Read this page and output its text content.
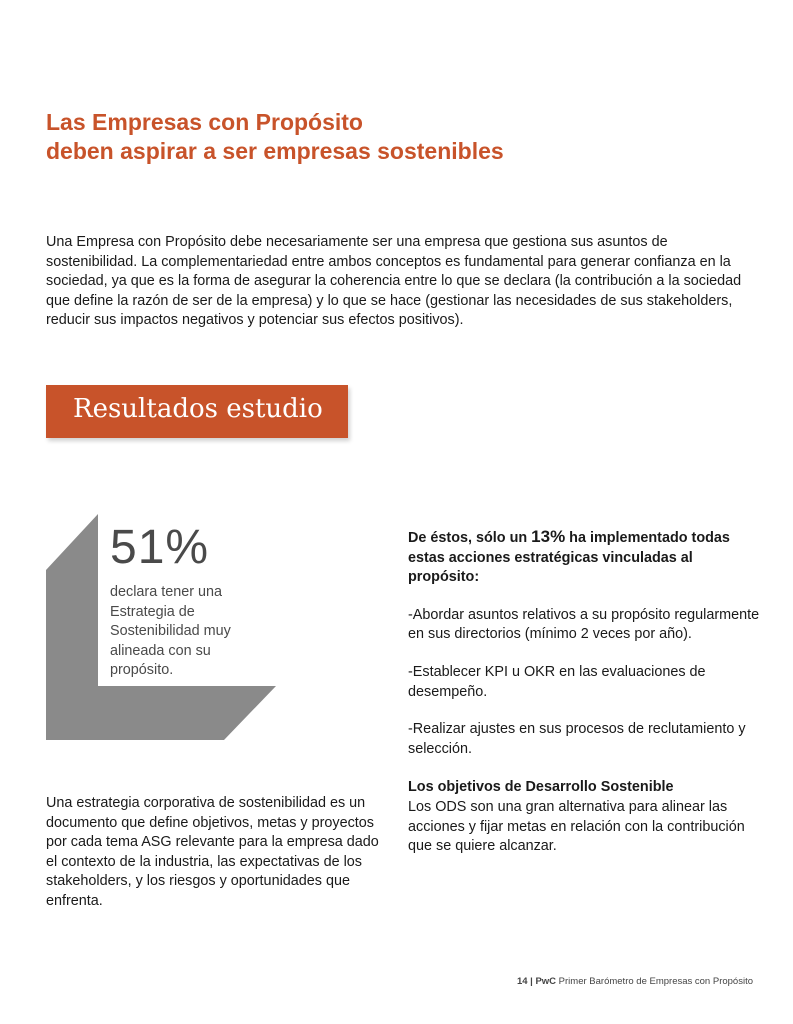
Las Empresas con Propósito
deben aspirar a ser empresas sostenibles

Una Empresa con Propósito debe necesariamente ser una empresa que gestiona sus asuntos de sostenibilidad. La complementariedad entre ambos conceptos es fundamental para generar confianza en la sociedad, ya que es la forma de asegurar la coherencia entre lo que se declara (la contribución a la sociedad que define la razón de ser de la empresa) y lo que se hace (gestionar las necesidades de sus stakeholders, reducir sus impactos negativos y potenciar sus efectos positivos).

Resultados estudio
51%

declara tener una Estrategia de Sostenibilidad muy alineada con su propósito.

Una estrategia corporativa de sostenibilidad es un documento que define objetivos, metas y proyectos por cada tema ASG relevante para la empresa dado el contexto de la industria, las expectativas de los stakeholders, y los riesgos y oportunidades que enfrenta.

De éstos, sólo un 13% ha implementado todas estas acciones estratégicas vinculadas al propósito:

-Abordar asuntos relativos a su propósito regularmente en sus directorios (mínimo 2 veces por año).

-Establecer KPI u OKR en las evaluaciones de desempeño.

-Realizar ajustes en sus procesos de reclutamiento y selección.

Los objetivos de Desarrollo Sostenible

Los ODS son una gran alternativa para alinear las acciones y fijar metas en relación con la contribución que se quiere alcanzar.

14 | PwC Primer Barómetro de Empresas con Propósito
